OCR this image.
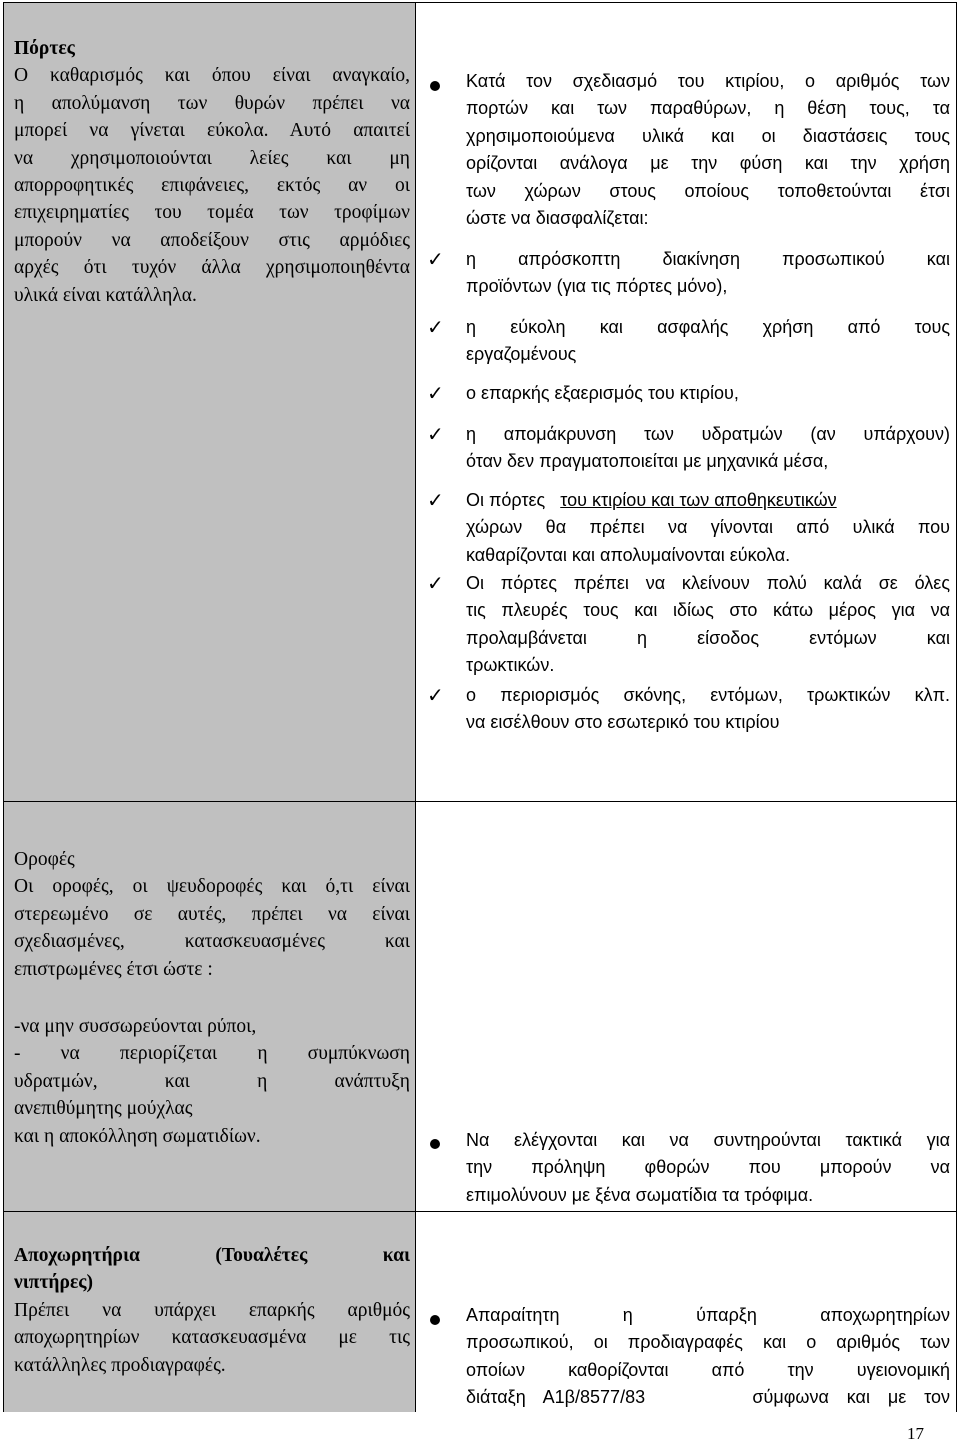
Πόρτες
Ο καθαρισμός και όπου είναι αναγκαίο,
η απολύμανση των θυρών πρέπει να
μπορεί να γίνεται εύκολα. Αυτό απαιτεί
να χρησιμοποιούνται λείες και μη
απορροφητικές επιφάνειες, εκτός αν οι
επιχειρηματίες του τομέα των τροφίμων
μπορούν να αποδείξουν στις αρμόδιες
αρχές ότι τυχόν άλλα χρησιμοποιηθέντα
υλικά είναι κατάλληλα.

Κατά τον σχεδιασμό του κτιρίου, ο αριθμός των

πορτών και των παραθύρων, η θέση τους, τα

χρησιμοποιούμενα υλικά και οι διαστάσεις τους

ορίζονται ανάλογα με την φύση και την χρήση

των χώρων στους οποίους τοποθετούνται έτσι

ώστε να διασφαλίζεται:

✓ η απρόσκοπτη διακίνηση προσωπικού και

προϊόντων (για τις πόρτες μόνο),

✓ η εύκολη και ασφαλής χρήση από τους

εργαζομένους

✓ ο επαρκής εξαερισμός του κτιρίου,

✓ η απομάκρυνση των υδρατμών (αν υπάρχουν)

όταν δεν πραγματοποιείται με μηχανικά μέσα,

✓ Οι πόρτες του κτιρίου και των αποθηκευτικών

χώρων θα πρέπει να γίνονται από υλικά που

καθαρίζονται και απολυμαίνονται εύκολα.

✓ Οι πόρτες πρέπει να κλείνουν πολύ καλά σε όλες

τις πλευρές τους και ιδίως στο κάτω μέρος για να

προλαμβάνεται η είσοδος εντόμων και

τρωκτικών.

✓ ο περιορισμός σκόνης, εντόμων, τρωκτικών κλπ.

να εισέλθουν στο εσωτερικό του κτιρίου

Οροφές
Οι οροφές, οι ψευδοροφές και ό,τι είναι
στερεωμένο σε αυτές, πρέπει να είναι
σχεδιασμένες, κατασκευασμένες και
επιστρωμένες έτσι ώστε :
-να μην συσσωρεύονται ρύποι,
- να περιορίζεται η συμπύκνωση
υδρατμών, και η ανάπτυξη
ανεπιθύμητης μούχλας
και η αποκόλληση σωματιδίων.	Να ελέγχονται και να συντηρούνται τακτικά για

την πρόληψη φθορών που μπορούν να

επιμολύνουν με ξένα σωματίδια τα τρόφιμα.

Αποχωρητήρια (Τουαλέτες και
νιπτήρες)
Πρέπει να υπάρχει επαρκής αριθμός
αποχωρητηρίων κατασκευασμένα με τις
κατάλληλες προδιαγραφές.

Απαραίτητη η ύπαρξη αποχωρητηρίων

προσωπικού, οι προδιαγραφές και ο αριθμός των

οποίων καθορίζονται από την υγειονομική

διάταξη Α1β/8577/83      σύμφωνα και με τον

17
